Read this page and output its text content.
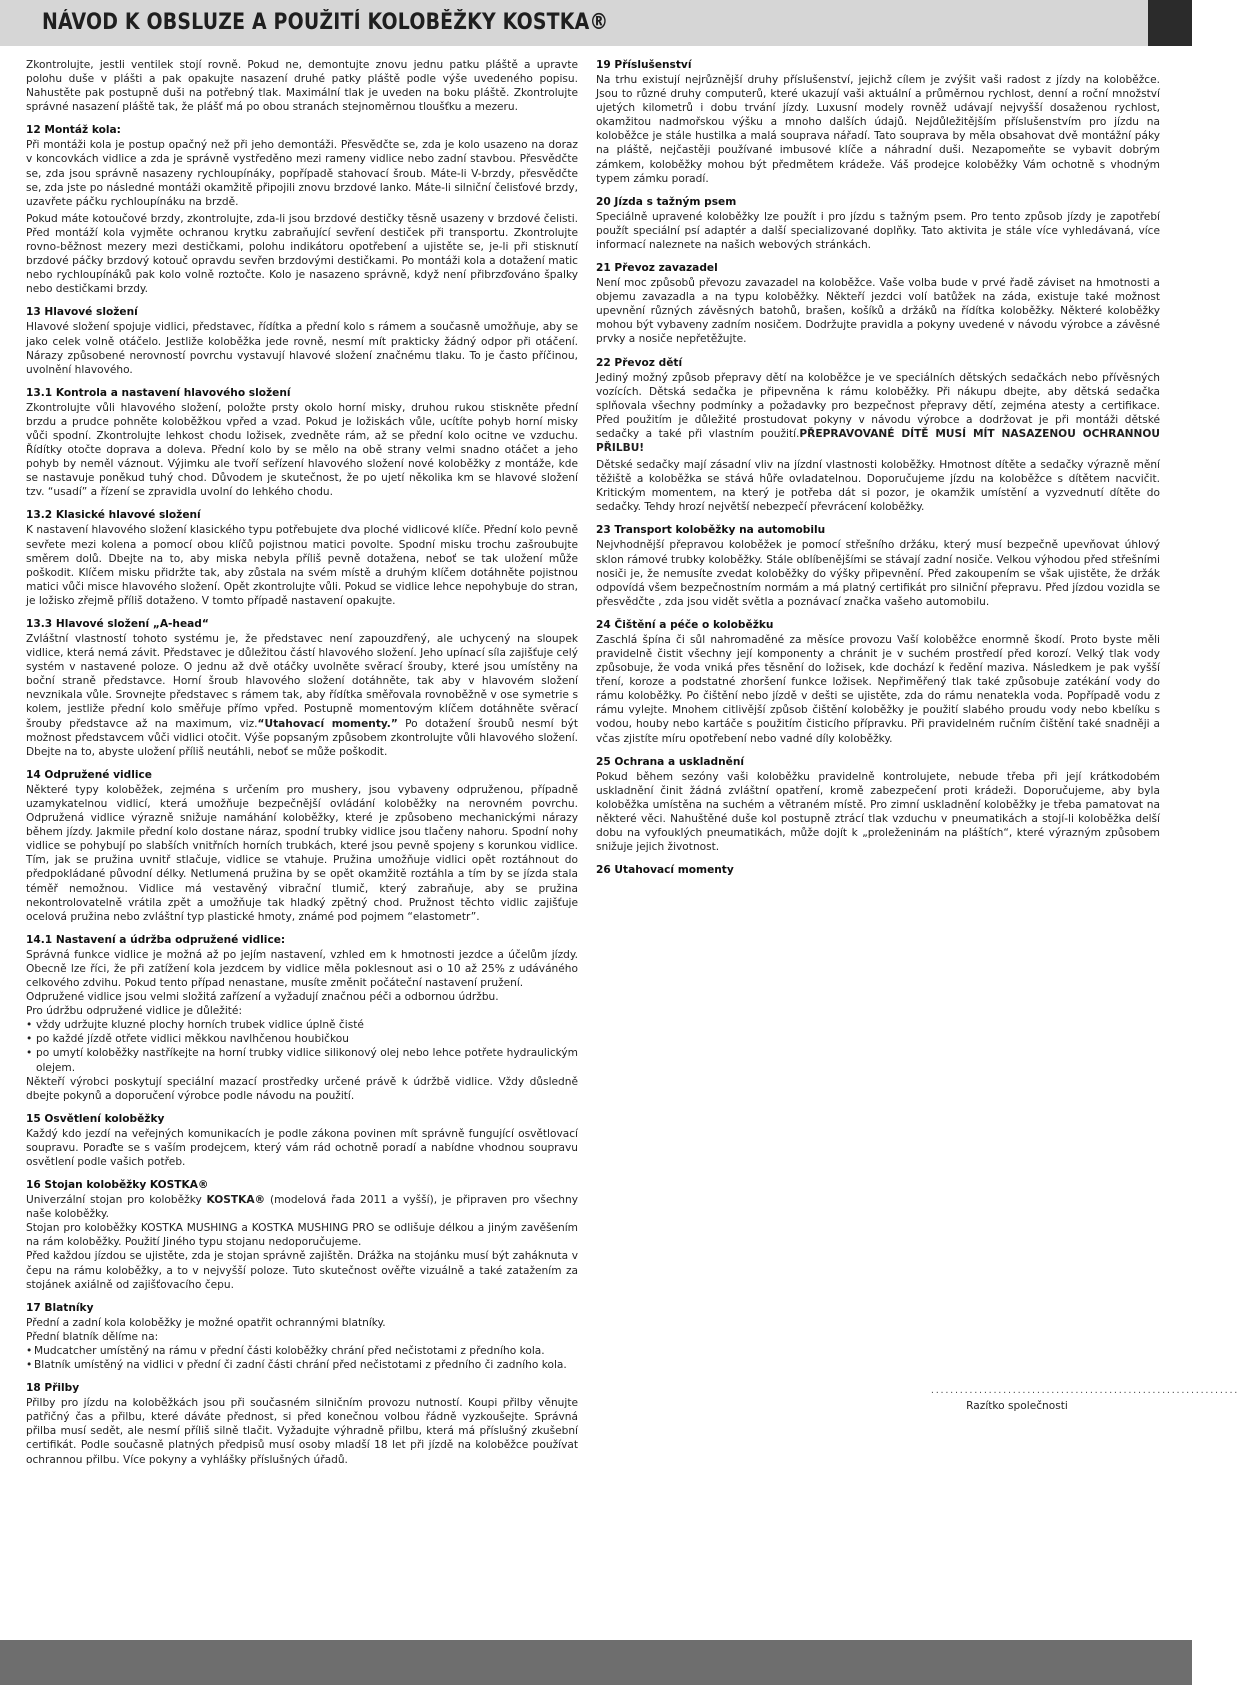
NÁVOD K OBSLUZE A POUŽITÍ KOLOBĚŽKY KOSTKA®

Zkontrolujte, jestli ventilek stojí rovně. Pokud ne, demontujte znovu jednu patku pláště a upravte polohu duše v plášti a pak opakujte nasazení druhé patky pláště podle výše uvedeného popisu. Nahustěte pak postupně duši na potřebný tlak. Maximální tlak je uveden na boku pláště. Zkontrolujte správné nasazení pláště tak, že plášť má po obou stranách stejnoměrnou tloušťku a mezeru.

12 Montáž kola:

Při montáži kola je postup opačný než při jeho demontáži. Přesvědčte se, zda je kolo usazeno na doraz v koncovkách vidlice a zda je správně vystředěno mezi rameny vidlice nebo zadní stavbou. Přesvědčte se, zda jsou správně nasazeny rychloupínáky, popřípadě stahovací šroub. Máte-li V-brzdy, přesvědčte se, zda jste po následné montáži okamžitě připojili znovu brzdové lanko. Máte-li silniční čelisťové brzdy, uzavřete páčku rychloupínáku na brzdě.

Pokud máte kotoučové brzdy, zkontrolujte, zda-li jsou brzdové destičky těsně usazeny v brzdové čelisti. Před montáží kola vyjměte ochranou krytku zabraňující sevření destiček při transportu. Zkontrolujte rovno-běžnost mezery mezi destičkami, polohu indikátoru opotřebení a ujistěte se, je-li při stisknutí brzdové páčky brzdový kotouč opravdu sevřen brzdovými destičkami. Po montáži kola a dotažení matic nebo rychloupínáků pak kolo volně roztočte. Kolo je nasazeno správně, když není přibrzďováno špalky nebo destičkami brzdy.

13 Hlavové složení

Hlavové složení spojuje vidlici, představec, řídítka a přední kolo s rámem a současně umožňuje, aby se jako celek volně otáčelo. Jestliže koloběžka jede rovně, nesmí mít prakticky žádný odpor při otáčení. Nárazy způsobené nerovností povrchu vystavují hlavové složení značnému tlaku. To je často příčinou, uvolnění hlavového.

13.1 Kontrola a nastavení hlavového složení

Zkontrolujte vůli hlavového složení, položte prsty okolo horní misky, druhou rukou stiskněte přední brzdu a prudce pohněte koloběžkou vpřed a vzad. Pokud je ložiskách vůle, ucítíte pohyb horní misky vůči spodní. Zkontrolujte lehkost chodu ložisek, zvedněte rám, až se přední kolo ocitne ve vzduchu. Řídítky otočte doprava a doleva. Přední kolo by se mělo na obě strany velmi snadno otáčet a jeho pohyb by neměl váznout. Výjimku ale tvoří seřízení hlavového složení nové koloběžky z montáže, kde se nastavuje poněkud tuhý chod. Důvodem je skutečnost, že po ujetí několika km se hlavové složení tzv. “usadí” a řízení se zpravidla uvolní do lehkého chodu.

13.2 Klasické hlavové složení

K nastavení hlavového složení klasického typu potřebujete dva ploché vidlicové klíče. Přední kolo pevně sevřete mezi kolena a pomocí obou klíčů pojistnou matici povolte. Spodní misku trochu zašroubujte směrem dolů. Dbejte na to, aby miska nebyla příliš pevně dotažena, neboť se tak uložení může poškodit. Klíčem misku přidržte tak, aby zůstala na svém místě a druhým klíčem dotáhněte pojistnou matici vůči misce hlavového složení. Opět zkontrolujte vůli. Pokud se vidlice lehce nepohybuje do stran, je ložisko zřejmě příliš dotaženo. V tomto případě nastavení opakujte.

13.3 Hlavové složení „A-head“

Zvláštní vlastností tohoto systému je, že představec není zapouzdřený, ale uchycený na sloupek vidlice, která nemá závit. Představec je důležitou částí hlavového složení. Jeho upínací síla zajišťuje celý systém v nastavené poloze. O jednu až dvě otáčky uvolněte svěrací šrouby, které jsou umístěny na boční straně představce. Horní šroub hlavového složení dotáhněte, tak aby v hlavovém složení nevznikala vůle. Srovnejte představec s rámem tak, aby řídítka směřovala rovnoběžně v ose symetrie s kolem, jestliže přední kolo směřuje přímo vpřed. Postupně momentovým klíčem dotáhněte svěrací šrouby představce až na maximum, viz.“Utahovací momenty.” Po dotažení šroubů nesmí být možnost představcem vůči vidlici otočit. Výše popsaným způsobem zkontrolujte vůli hlavového složení. Dbejte na to, abyste uložení příliš neutáhli, neboť se může poškodit.

14 Odpružené vidlice

Některé typy koloběžek, zejména s určením pro mushery, jsou vybaveny odpruženou, případně uzamykatelnou vidlicí, která umožňuje bezpečnější ovládání koloběžky na nerovném povrchu. Odpružená vidlice výrazně snižuje namáhání koloběžky, které je způsobeno mechanickými nárazy během jízdy. Jakmile přední kolo dostane náraz, spodní trubky vidlice jsou tlačeny nahoru. Spodní nohy vidlice se pohybují po slabších vnitřních horních trubkách, které jsou pevně spojeny s korunkou vidlice. Tím, jak se pružina uvnitř stlačuje, vidlice se vtahuje. Pružina umožňuje vidlici opět roztáhnout do předpokládané původní délky. Netlumená pružina by se opět okamžitě roztáhla a tím by se jízda stala téměř nemožnou. Vidlice má vestavěný vibrační tlumič, který zabraňuje, aby se pružina nekontrolovatelně vrátila zpět a umožňuje tak hladký zpětný chod. Pružnost těchto vidlic zajišťuje ocelová pružina nebo zvláštní typ plastické hmoty, známé pod pojmem “elastometr”.

14.1 Nastavení a údržba odpružené vidlice:

Správná funkce vidlice je možná až po jejím nastavení, vzhled em k hmotnosti jezdce a účelům jízdy. Obecně lze říci, že při zatížení kola jezdcem by vidlice měla poklesnout asi o 10 až 25% z udáváného celkového zdvihu. Pokud tento případ nenastane, musíte změnit počáteční nastavení pružení.

Odpružené vidlice jsou velmi složitá zařízení a vyžadují značnou péči a odbornou údržbu.

Pro údržbu odpružené vidlice je důležité:

• vždy udržujte kluzné plochy horních trubek vidlice úplně čisté
• po každé jízdě otřete vidlici měkkou navlhčenou houbičkou
• po umytí koloběžky nastříkejte na horní trubky vidlice silikonový olej nebo lehce potřete hydraulickým olejem.

Někteří výrobci poskytují speciální mazací prostředky určené právě k údržbě vidlice. Vždy důsledně dbejte pokynů a doporučení výrobce podle návodu na použití.

15 Osvětlení koloběžky

Každý kdo jezdí na veřejných komunikacích je podle zákona povinen mít správně fungující osvětlovací soupravu. Poraďte se s vaším prodejcem, který vám rád ochotně poradí a nabídne vhodnou soupravu osvětlení podle vašich potřeb.

16 Stojan koloběžky KOSTKA®

Univerzální stojan pro koloběžky KOSTKA® (modelová řada 2011 a vyšší), je připraven pro všechny naše koloběžky.

Stojan pro koloběžky KOSTKA MUSHING a KOSTKA MUSHING PRO se odlišuje délkou a jiným zavěšením na rám koloběžky. Použití Jiného typu stojanu nedoporučujeme.

Před každou jízdou se ujistěte, zda je stojan správně zajištěn. Drážka na stojánku musí být zaháknuta v čepu na rámu koloběžky, a to v nejvyšší poloze. Tuto skutečnost ověřte vizuálně a také zatažením za stojánek axiálně od zajišťovacího čepu.

17 Blatníky

Přední a zadní kola koloběžky je možné opatřit ochrannými blatníky.

Přední blatník dělíme na:

• Mudcatcher umístěný na rámu v přední části koloběžky chrání před nečistotami z předního kola.
• Blatník umístěný na vidlici v přední či zadní části chrání před nečistotami z předního či zadního kola.
18 Přilby

Přilby pro jízdu na koloběžkách jsou při současném silničním provozu nutností. Koupi přilby věnujte patřičný čas a přilbu, které dáváte přednost, si před konečnou volbou řádně vyzkoušejte. Správná přilba musí sedět, ale nesmí příliš silně tlačit. Vyžadujte výhradně přilbu, která má příslušný zkušební certifikát. Podle současně platných předpisů musí osoby mladší 18 let při jízdě na koloběžce používat ochrannou přilbu. Více pokyny a vyhlášky příslušných úřadů.

19 Příslušenství

Na trhu existují nejrůznější druhy příslušenství, jejichž cílem je zvýšit vaši radost z jízdy na koloběžce. Jsou to různé druhy computerů, které ukazují vaši aktuální a průměrnou rychlost, denní a roční množství ujetých kilometrů i dobu trvání jízdy. Luxusní modely rovněž udávají nejvyšší dosaženou rychlost, okamžitou nadmořskou výšku a mnoho dalších údajů. Nejdůležitějším příslušenstvím pro jízdu na koloběžce je stále hustilka a malá souprava nářadí. Tato souprava by měla obsahovat dvě montážní páky na pláště, nejčastěji používané imbusové klíče a náhradní duši. Nezapomeňte se vybavit dobrým zámkem, koloběžky mohou být předmětem krádeže. Váš prodejce koloběžky Vám ochotně s vhodným typem zámku poradí.

20 Jízda s tažným psem

Speciálně upravené koloběžky lze použít i pro jízdu s tažným psem. Pro tento způsob jízdy je zapotřebí použít speciální psí adaptér a další specializované doplňky. Tato aktivita je stále více vyhledávaná, více informací naleznete na našich webových stránkách.

21 Převoz zavazadel

Není moc způsobů převozu zavazadel na koloběžce. Vaše volba bude v prvé řadě záviset na hmotnosti a objemu zavazadla a na typu koloběžky. Někteří jezdci volí batůžek na záda, existuje také možnost upevnění různých závěsných batohů, brašen, košíků a držáků na řídítka koloběžky. Některé koloběžky mohou být vybaveny zadním nosičem. Dodržujte pravidla a pokyny uvedené v návodu výrobce a závěsné prvky a nosiče nepřetěžujte.

22 Převoz dětí

Jediný možný způsob přepravy dětí na koloběžce je ve speciálních dětských sedačkách nebo přívěsných vozících. Dětská sedačka je připevněna k rámu koloběžky. Při nákupu dbejte, aby dětská sedačka splňovala všechny podmínky a požadavky pro bezpečnost přepravy dětí, zejména atesty a certifikace. Před použitím je důležité prostudovat pokyny v návodu výrobce a dodržovat je při montáži dětské sedačky a také při vlastním použití.PŘEPRAVOVANÉ DÍTĚ MUSÍ MÍT NASAZENOU OCHRANNOU PŘILBU!

Dětské sedačky mají zásadní vliv na jízdní vlastnosti koloběžky. Hmotnost dítěte a sedačky výrazně mění těžiště a koloběžka se stává hůře ovladatelnou. Doporučujeme jízdu na koloběžce s dítětem nacvičit. Kritickým momentem, na který je potřeba dát si pozor, je okamžik umístění a vyzvednutí dítěte do sedačky. Tehdy hrozí největší nebezpečí převrácení koloběžky.

23 Transport koloběžky na automobilu

Nejvhodnější přepravou koloběžek je pomocí střešního držáku, který musí bezpečně upevňovat úhlový sklon rámové trubky koloběžky. Stále oblíbenějšími se stávají zadní nosiče. Velkou výhodou před střešními nosiči je, že nemusíte zvedat koloběžky do výšky připevnění. Před zakoupením se však ujistěte, že držák odpovídá všem bezpečnostním normám a má platný certifikát pro silniční přepravu. Před jízdou vozidla se přesvědčte , zda jsou vidět světla a poznávací značka vašeho automobilu.

24 Čištění a péče o koloběžku

Zaschlá špína či sůl nahromaděné za měsíce provozu Vaší koloběžce enormně škodí. Proto byste měli pravidelně čistit všechny její komponenty a chránit je v suchém prostředí před korozí. Velký tlak vody způsobuje, že voda vniká přes těsnění do ložisek, kde dochází k ředění maziva. Následkem je pak vyšší tření, koroze a podstatné zhoršení funkce ložisek. Nepřiměřený tlak také způsobuje zatékání vody do rámu koloběžky. Po čištění nebo jízdě v dešti se ujistěte, zda do rámu nenatekla voda. Popřípadě vodu z rámu vylejte. Mnohem citlivější způsob čištění koloběžky je použití slabého proudu vody nebo kbelíku s vodou, houby nebo kartáče s použitím čisticího přípravku. Při pravidelném ručním čištění také snadněji a včas zjistíte míru opotřebení nebo vadné díly koloběžky.

25 Ochrana a uskladnění

Pokud během sezóny vaši koloběžku pravidelně kontrolujete, nebude třeba při její krátkodobém uskladnění činit žádná zvláštní opatření, kromě zabezpečení proti krádeži. Doporučujeme, aby byla koloběžka umístěna na suchém a větraném místě. Pro zimní uskladnění koloběžky je třeba pamatovat na některé věci. Nahuštěné duše kol postupně ztrácí tlak vzduchu v pneumatikách a stojí-li koloběžka delší dobu na vyfouklých pneumatikách, může dojít k „proleženinám na pláštích“, které výrazným způsobem snižuje jejich životnost.

26 Utahovací momenty
................................................................
Razítko společnosti
